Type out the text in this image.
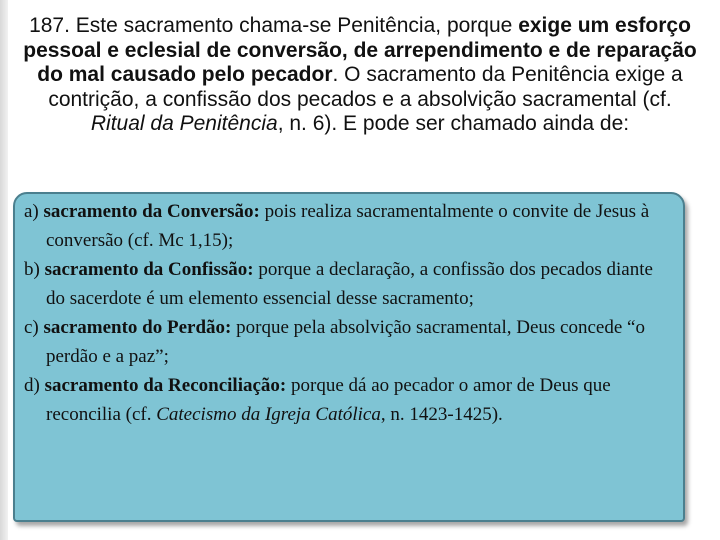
187. Este sacramento chama-se Penitência, porque exige um esforço pessoal e eclesial de conversão, de arrependimento e de reparação do mal causado pelo pecador. O sacramento da Penitência exige a contrição, a confissão dos pecados e a absolvição sacramental (cf. Ritual da Penitência, n. 6). E pode ser chamado ainda de:

a) sacramento da Conversão: pois realiza sacramentalmente o convite de Jesus à conversão (cf. Mc 1,15);

b) sacramento da Confissão: porque a declaração, a confissão dos pecados diante do sacerdote é um elemento essencial desse sacramento;

c) sacramento do Perdão: porque pela absolvição sacramental, Deus concede “o perdão e a paz”;

d) sacramento da Reconciliação: porque dá ao pecador o amor de Deus que reconcilia (cf. Catecismo da Igreja Católica, n. 1423-1425).
